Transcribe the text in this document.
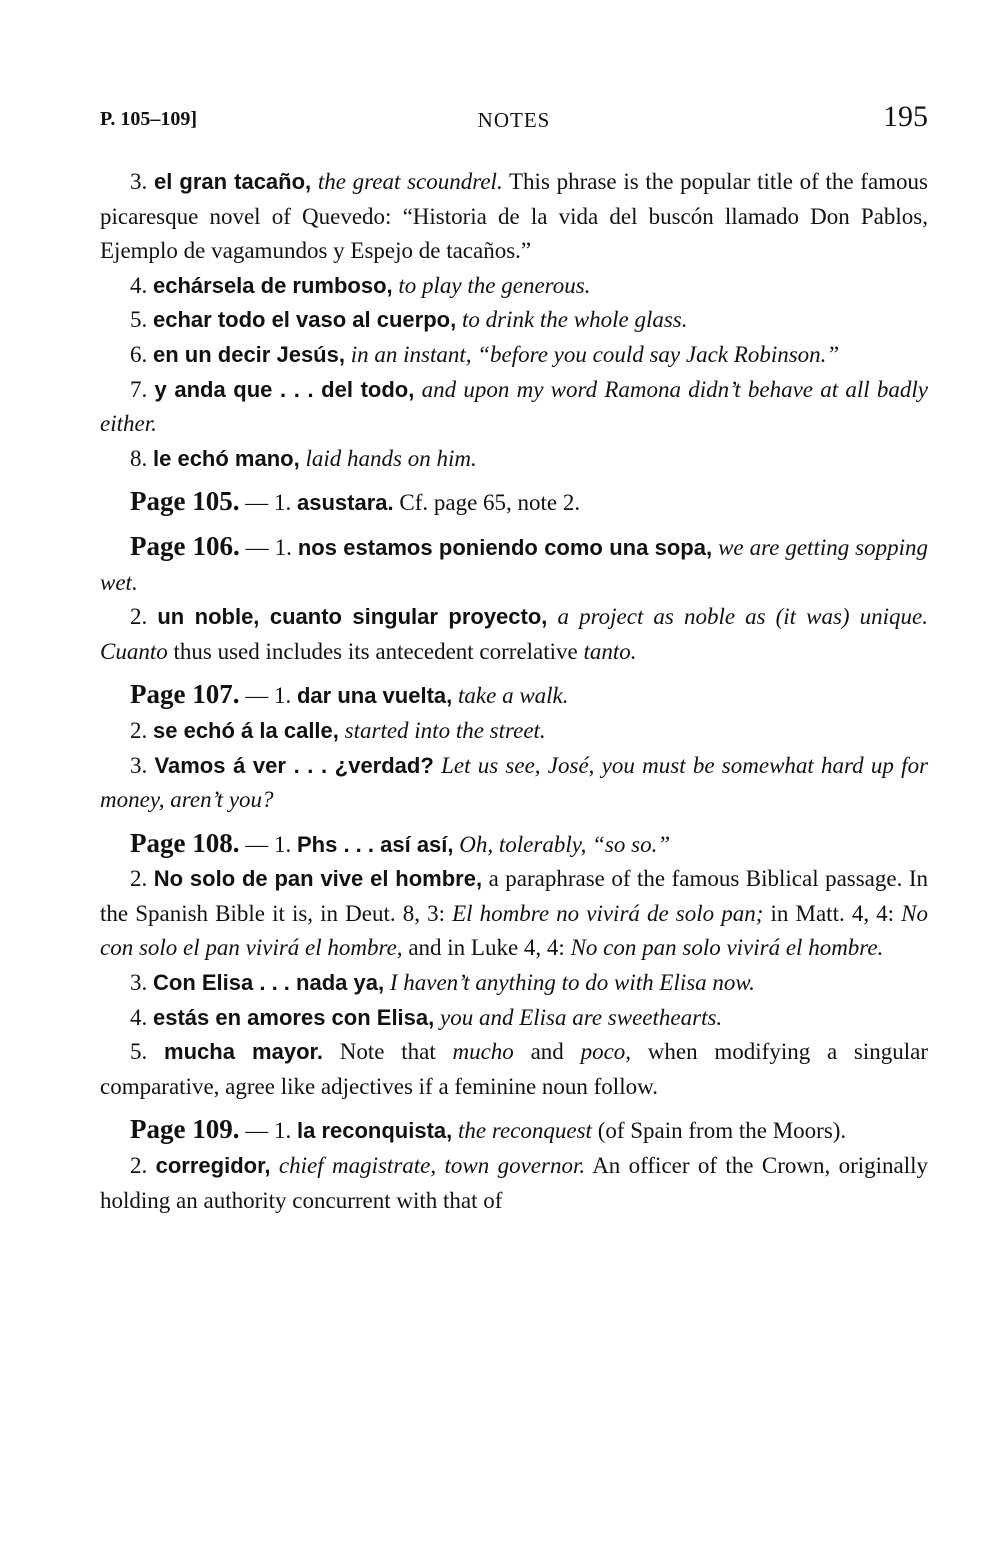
P. 105–109]	NOTES	195

3. el gran tacaño, the great scoundrel. This phrase is the popular title of the famous picaresque novel of Quevedo: “Historia de la vida del buscón llamado Don Pablos, Ejemplo de vagamundos y Espejo de tacaños.”

4. echársela de rumboso, to play the generous.

5. echar todo el vaso al cuerpo, to drink the whole glass.

6. en un decir Jesús, in an instant, “before you could say Jack Robinson.”

7. y anda que . . . del todo, and upon my word Ramona didn’t behave at all badly either.

8. le echó mano, laid hands on him.

Page 105. — 1. asustara. Cf. page 65, note 2.

Page 106. — 1. nos estamos poniendo como una sopa, we are getting sopping wet.

2. un noble, cuanto singular proyecto, a project as noble as (it was) unique. Cuanto thus used includes its antecedent correlative tanto.

Page 107. — 1. dar una vuelta, take a walk.

2. se echó á la calle, started into the street.

3. Vamos á ver . . . ¿verdad? Let us see, José, you must be somewhat hard up for money, aren’t you?

Page 108. — 1. Phs . . . así así, Oh, tolerably, “so so.”

2. No solo de pan vive el hombre, a paraphrase of the famous Biblical passage. In the Spanish Bible it is, in Deut. 8, 3: El hombre no vivirá de solo pan; in Matt. 4, 4: No con solo el pan vivirá el hombre, and in Luke 4, 4: No con pan solo vivirá el hombre.

3. Con Elisa . . . nada ya, I haven’t anything to do with Elisa now.

4. estás en amores con Elisa, you and Elisa are sweethearts.

5. mucha mayor. Note that mucho and poco, when modifying a singular comparative, agree like adjectives if a feminine noun follow.

Page 109. — 1. la reconquista, the reconquest (of Spain from the Moors).

2. corregidor, chief magistrate, town governor. An officer of the Crown, originally holding an authority concurrent with that of
